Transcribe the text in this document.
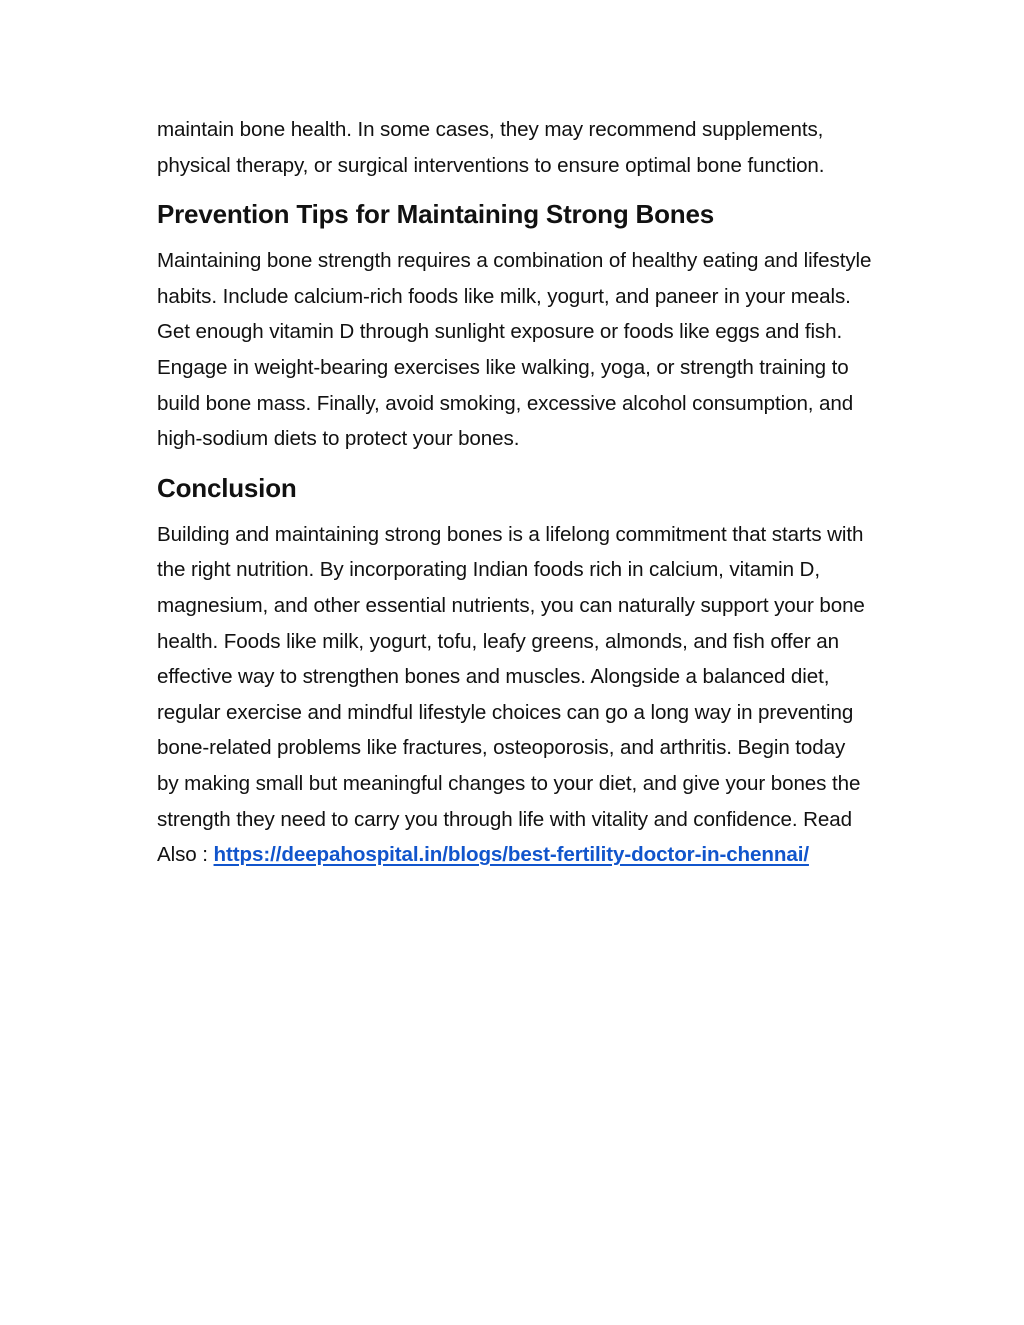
maintain bone health. In some cases, they may recommend supplements, physical therapy, or surgical interventions to ensure optimal bone function.

Prevention Tips for Maintaining Strong Bones

Maintaining bone strength requires a combination of healthy eating and lifestyle habits. Include calcium-rich foods like milk, yogurt, and paneer in your meals. Get enough vitamin D through sunlight exposure or foods like eggs and fish. Engage in weight-bearing exercises like walking, yoga, or strength training to build bone mass. Finally, avoid smoking, excessive alcohol consumption, and high-sodium diets to protect your bones.

Conclusion

Building and maintaining strong bones is a lifelong commitment that starts with the right nutrition. By incorporating Indian foods rich in calcium, vitamin D, magnesium, and other essential nutrients, you can naturally support your bone health. Foods like milk, yogurt, tofu, leafy greens, almonds, and fish offer an effective way to strengthen bones and muscles. Alongside a balanced diet, regular exercise and mindful lifestyle choices can go a long way in preventing bone-related problems like fractures, osteoporosis, and arthritis. Begin today by making small but meaningful changes to your diet, and give your bones the strength they need to carry you through life with vitality and confidence. Read Also : https://deepahospital.in/blogs/best-fertility-doctor-in-chennai/
